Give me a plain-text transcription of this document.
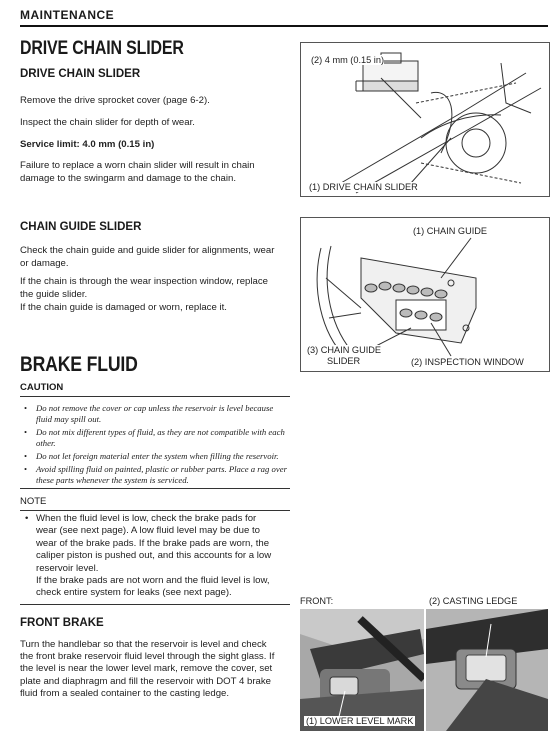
MAINTENANCE
DRIVE CHAIN SLIDER
DRIVE CHAIN SLIDER
Remove the drive sprocket cover (page 6-2).
Inspect the chain slider for depth of wear.
Service limit: 4.0 mm (0.15 in)
Failure to replace a worn chain slider will result in chain
damage to the swingarm and damage to the chain.
(2) 4 mm (0.15 in)
(1) DRIVE CHAIN SLIDER
CHAIN GUIDE SLIDER
Check the chain guide and guide slider for alignments, wear
or damage.
If the chain is through the wear inspection window, replace
the guide slider.
If the chain guide is damaged or worn, replace it.
(1) CHAIN GUIDE
(3) CHAIN GUIDE
SLIDER	(2) INSPECTION WINDOW
BRAKE FLUID
CAUTION
• Do not remove the cover or cap unless the reservoir is level because fluid may spill out.
• Do not mix different types of fluid, as they are not compatible with each other.
• Do not let foreign material enter the system when filling the reservoir.
• Avoid spilling fluid on painted, plastic or rubber parts. Place a rag over these parts whenever the system is serviced.
NOTE
• When the fluid level is low, check the brake pads for
wear (see next page). A low fluid level may be due to
wear of the brake pads. If the brake pads are worn, the
caliper piston is pushed out, and this accounts for a low
reservoir level.
If the brake pads are not worn and the fluid level is low,
check entire system for leaks (see next page).
FRONT BRAKE
Turn the handlebar so that the reservoir is level and check
the front brake reservoir fluid level through the sight glass. If
the level is near the lower level mark, remove the cover, set
plate and diaphragm and fill the reservoir with DOT 4 brake
fluid from a sealed container to the casting ledge.
FRONT:	(2) CASTING LEDGE
(1) LOWER LEVEL MARK
